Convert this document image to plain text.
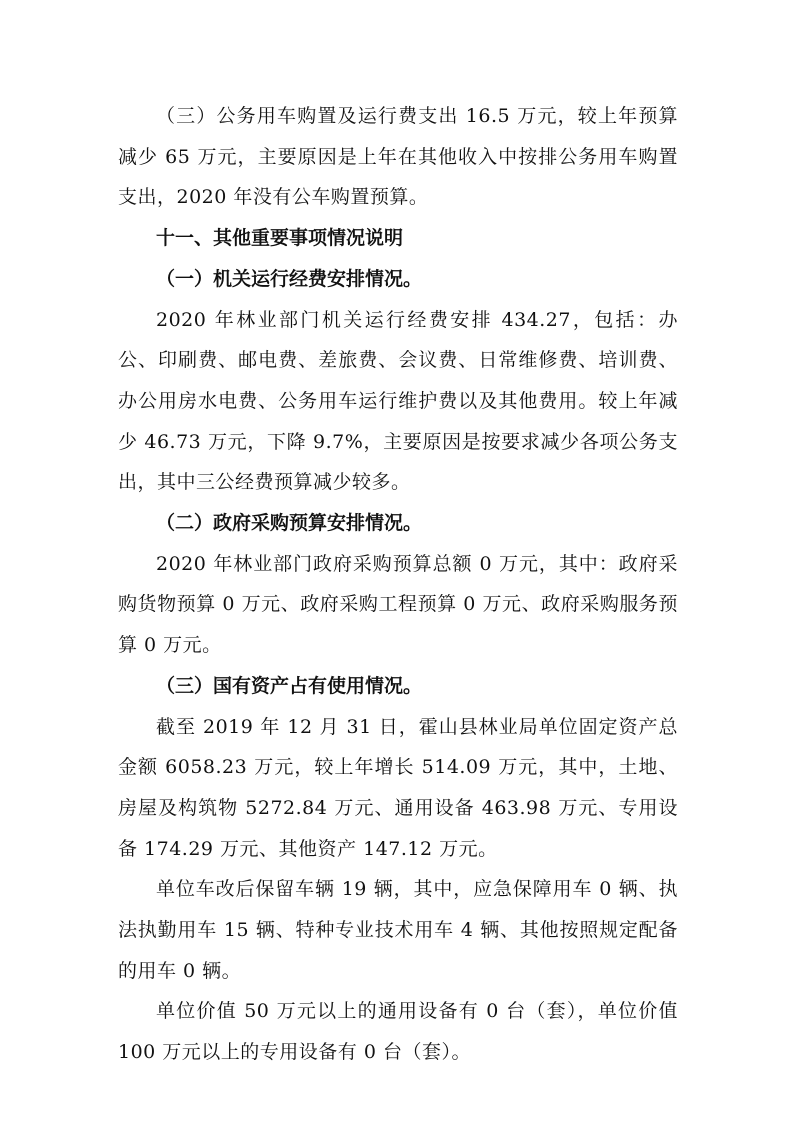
（三）公务用车购置及运行费支出 16.5 万元，较上年预算减少 65 万元，主要原因是上年在其他收入中按排公务用车购置支出，2020 年没有公车购置预算。

十一、其他重要事项情况说明
（一）机关运行经费安排情况。

2020 年林业部门机关运行经费安排 434.27，包括：办公、印刷费、邮电费、差旅费、会议费、日常维修费、培训费、办公用房水电费、公务用车运行维护费以及其他费用。较上年减少 46.73 万元，下降 9.7%，主要原因是按要求减少各项公务支出，其中三公经费预算减少较多。

（二）政府采购预算安排情况。

2020 年林业部门政府采购预算总额 0 万元，其中：政府采购货物预算 0 万元、政府采购工程预算 0 万元、政府采购服务预算 0 万元。

（三）国有资产占有使用情况。

截至 2019 年 12 月 31 日，霍山县林业局单位固定资产总金额 6058.23 万元，较上年增长 514.09 万元，其中，土地、房屋及构筑物 5272.84 万元、通用设备 463.98 万元、专用设备 174.29 万元、其他资产 147.12 万元。

单位车改后保留车辆 19 辆，其中，应急保障用车 0 辆、执法执勤用车 15 辆、特种专业技术用车 4 辆、其他按照规定配备的用车 0 辆。

单位价值 50 万元以上的通用设备有 0 台（套），单位价值 100 万元以上的专用设备有 0 台（套）。
